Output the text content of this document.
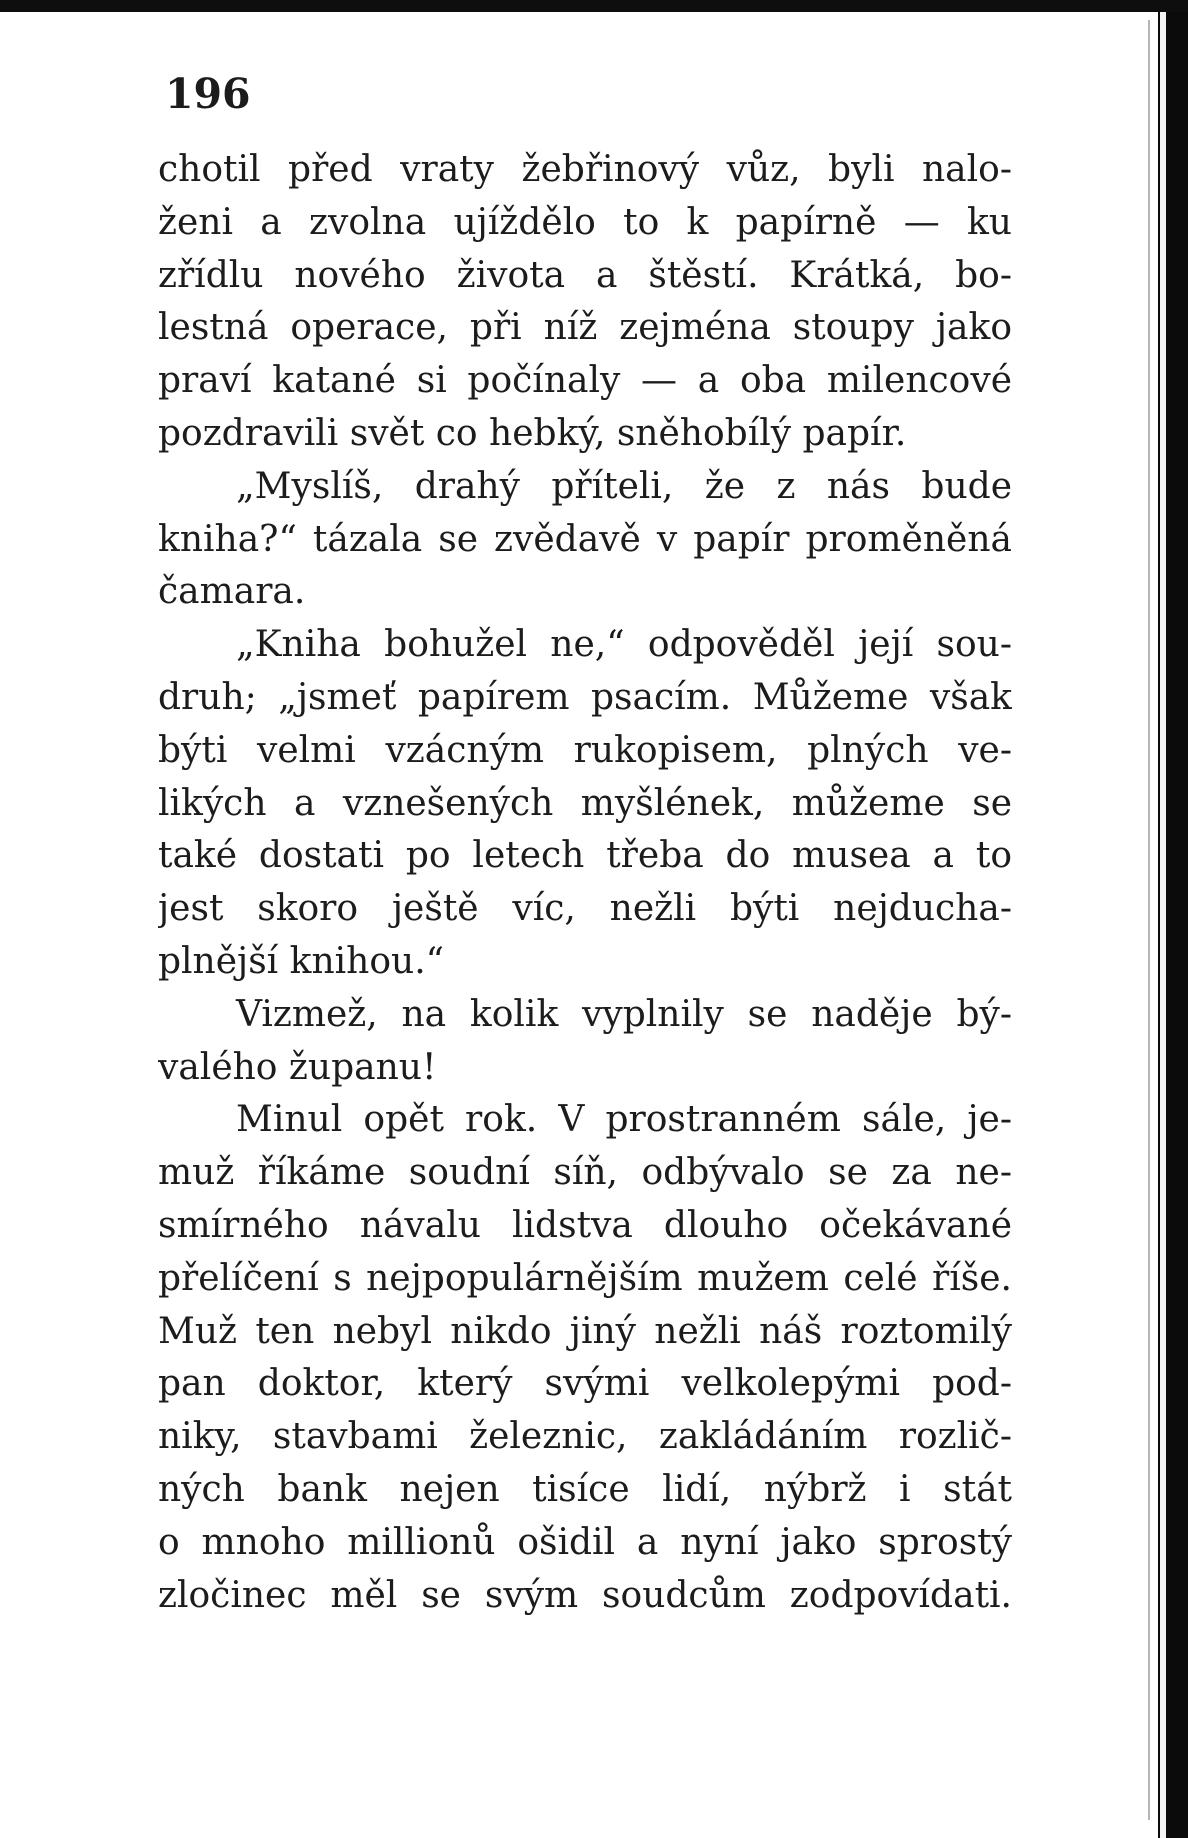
196

chotil před vraty žebřinový vůz, byli nalo-
ženi a zvolna ujíždělo to k papírně — ku
zřídlu nového života a štěstí. Krátká, bo-
lestná operace, při níž zejména stoupy jako
praví katané si počínaly — a oba milencové
pozdravili svět co hebký, sněhobílý papír.
„Myslíš, drahý příteli, že z nás bude
kniha?“ tázala se zvědavě v papír proměněná
čamara.
„Kniha bohužel ne,“ odpověděl její sou-
druh; „jsmeť papírem psacím. Můžeme však
býti velmi vzácným rukopisem, plných ve-
likých a vznešených myšlének, můžeme se
také dostati po letech třeba do musea a to
jest skoro ještě víc, nežli býti nejducha-
plnější knihou.“
Vizmež, na kolik vyplnily se naděje bý-
valého županu!
Minul opět rok. V prostranném sále, je-
muž říkáme soudní síň, odbývalo se za ne-
smírného návalu lidstva dlouho očekávané
přelíčení s nejpopulárnějším mužem celé říše.
Muž ten nebyl nikdo jiný nežli náš roztomilý
pan doktor, který svými velkolepými pod-
niky, stavbami železnic, zakládáním rozlič-
ných bank nejen tisíce lidí, nýbrž i stát
o mnoho millionů ošidil a nyní jako sprostý
zločinec měl se svým soudcům zodpovídati.
